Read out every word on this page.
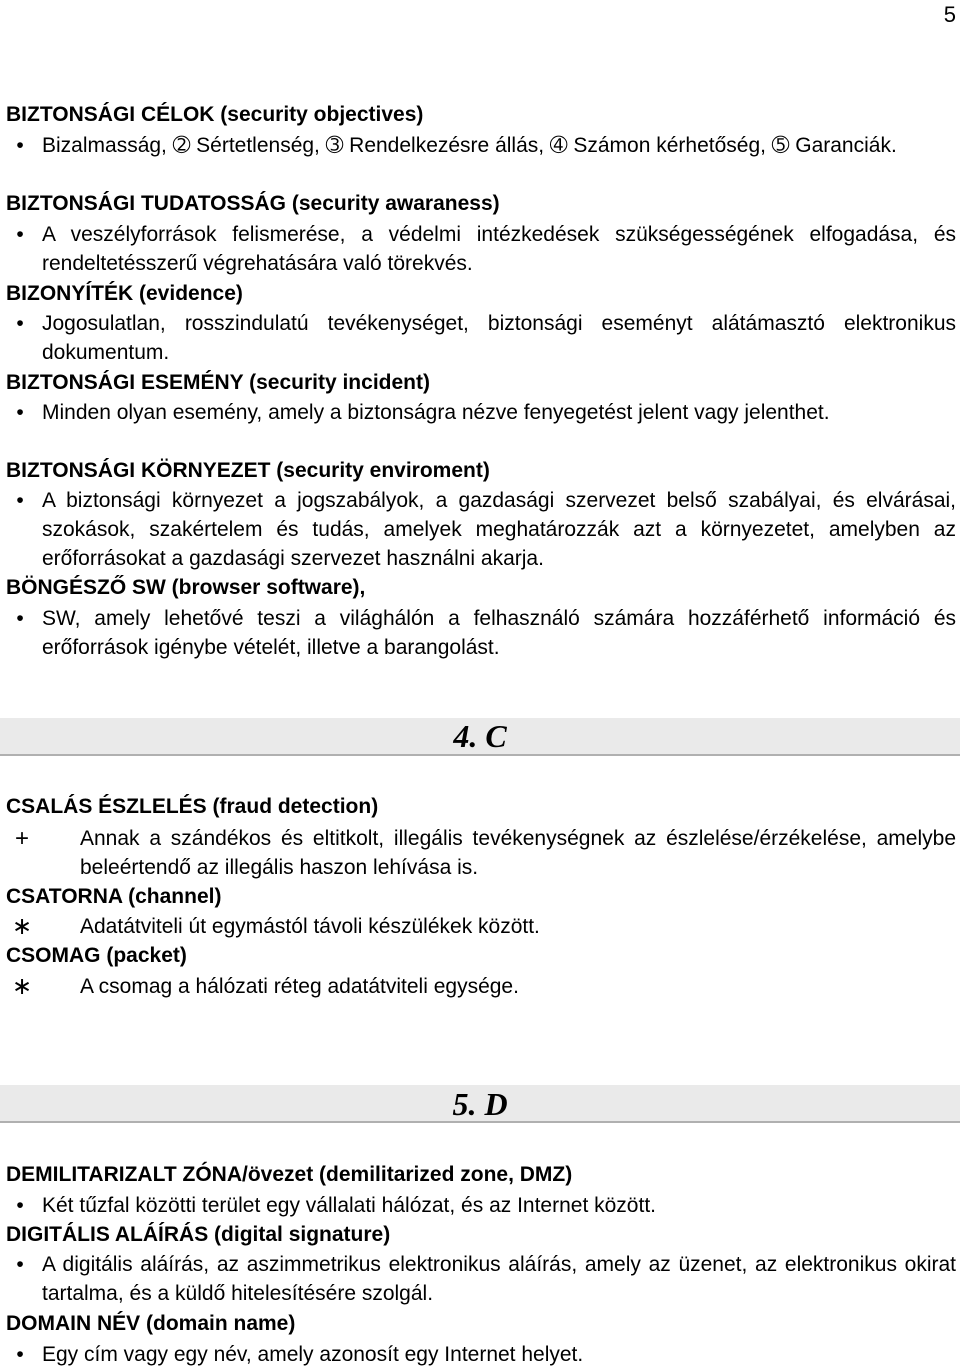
5
BIZTONSÁGI CÉLOK (security objectives)
• Bizalmasság, ➁ Sértetlenség, ➂ Rendelkezésre állás, ➃ Számon kérhetőség, ➄ Garanciák.
BIZTONSÁGI TUDATOSSÁG (security awaraness)
• A veszélyforrások felismerése, a védelmi intézkedések szükségességének elfogadása, és rendeltetésszerű végrehatására való törekvés.
BIZONYÍTÉK (evidence)
• Jogosulatlan, rosszindulatú tevékenységet, biztonsági eseményt alátámasztó elektronikus dokumentum.
BIZTONSÁGI ESEMÉNY (security incident)
• Minden olyan esemény, amely a biztonságra nézve fenyegetést jelent vagy jelenthet.
BIZTONSÁGI KÖRNYEZET (security enviroment)
• A biztonsági környezet a jogszabályok, a gazdasági szervezet belső szabályai, és elvárásai, szokások, szakértelem és tudás, amelyek meghatározzák azt a környezetet, amelyben az erőforrásokat a gazdasági szervezet használni akarja.
BÖNGÉSZŐ SW (browser software),
• SW, amely lehetővé teszi a világhálón a felhasználó számára hozzáférhető információ és erőforrások igénybe vételét, illetve a barangolást.
4. C
CSALÁS ÉSZLELÉS (fraud detection)
+ Annak a szándékos és eltitkolt, illegális tevékenységnek az észlelése/érzékelése, amelybe beleértendő az illegális haszon lehívása is.
CSATORNA (channel)
∗ Adatátviteli út egymástól távoli készülékek között.
CSOMAG (packet)
∗ A csomag a hálózati réteg adatátviteli egysége.
5. D
DEMILITARIZALT ZÓNA/övezet (demilitarized zone, DMZ)
• Két tűzfal közötti terület egy vállalati hálózat, és az Internet között.
DIGITÁLIS ALÁÍRÁS (digital signature)
• A digitális aláírás, az aszimmetrikus elektronikus aláírás, amely az üzenet, az elektronikus okirat tartalma, és a küldő hitelesítésére szolgál.
DOMAIN NÉV (domain name)
• Egy cím vagy egy név, amely azonosít egy Internet helyet.
